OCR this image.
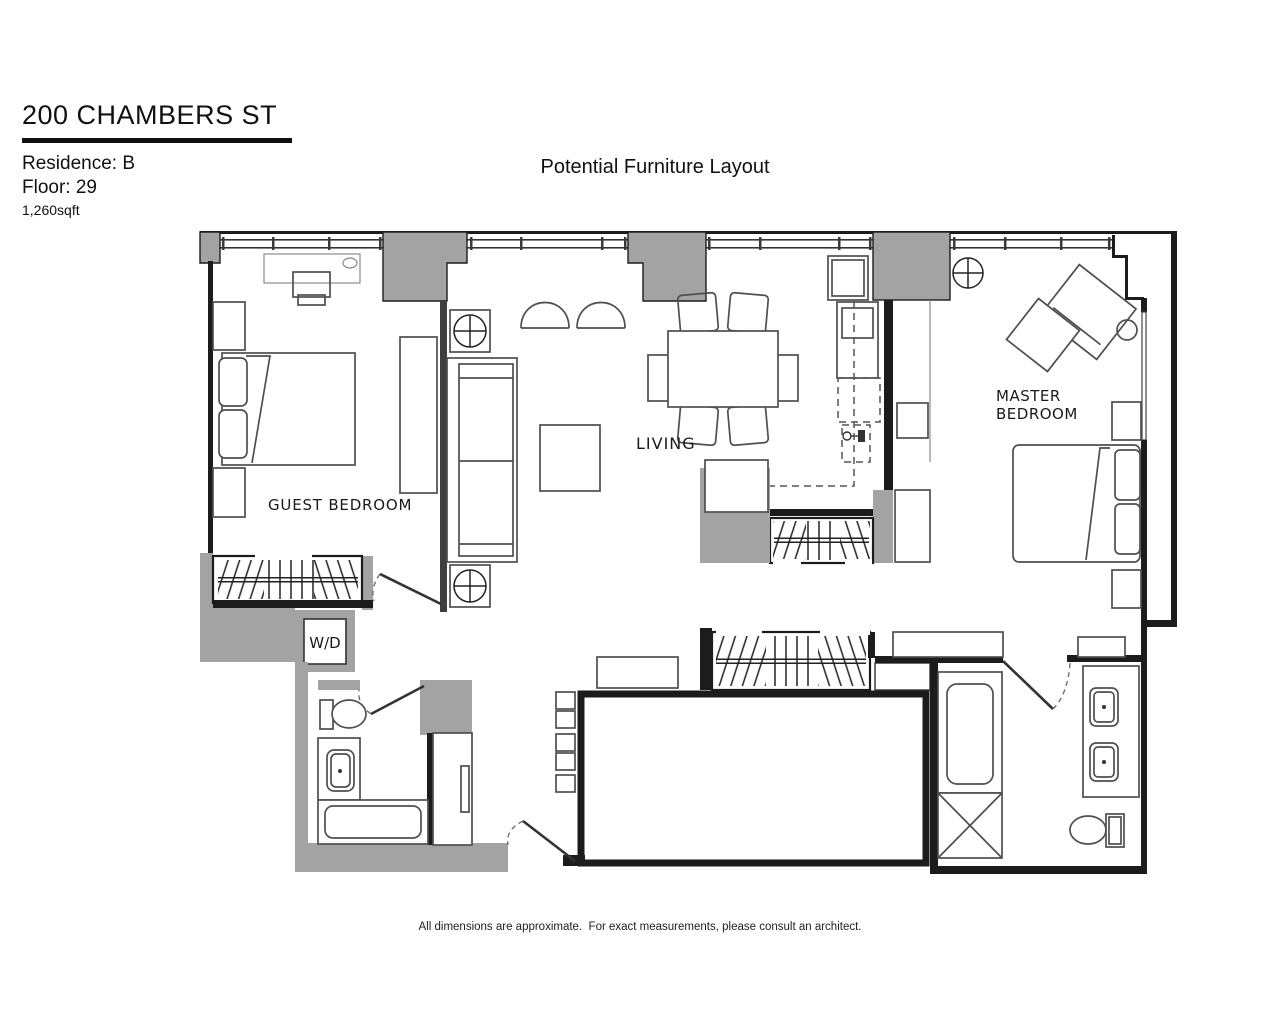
200 CHAMBERS ST
Residence: B
Floor: 29
1,260sqft
Potential Furniture Layout
W/D
GUEST BEDROOM
LIVING
MASTER
BEDROOM
All dimensions are approximate.  For exact measurements, please consult an architect.
